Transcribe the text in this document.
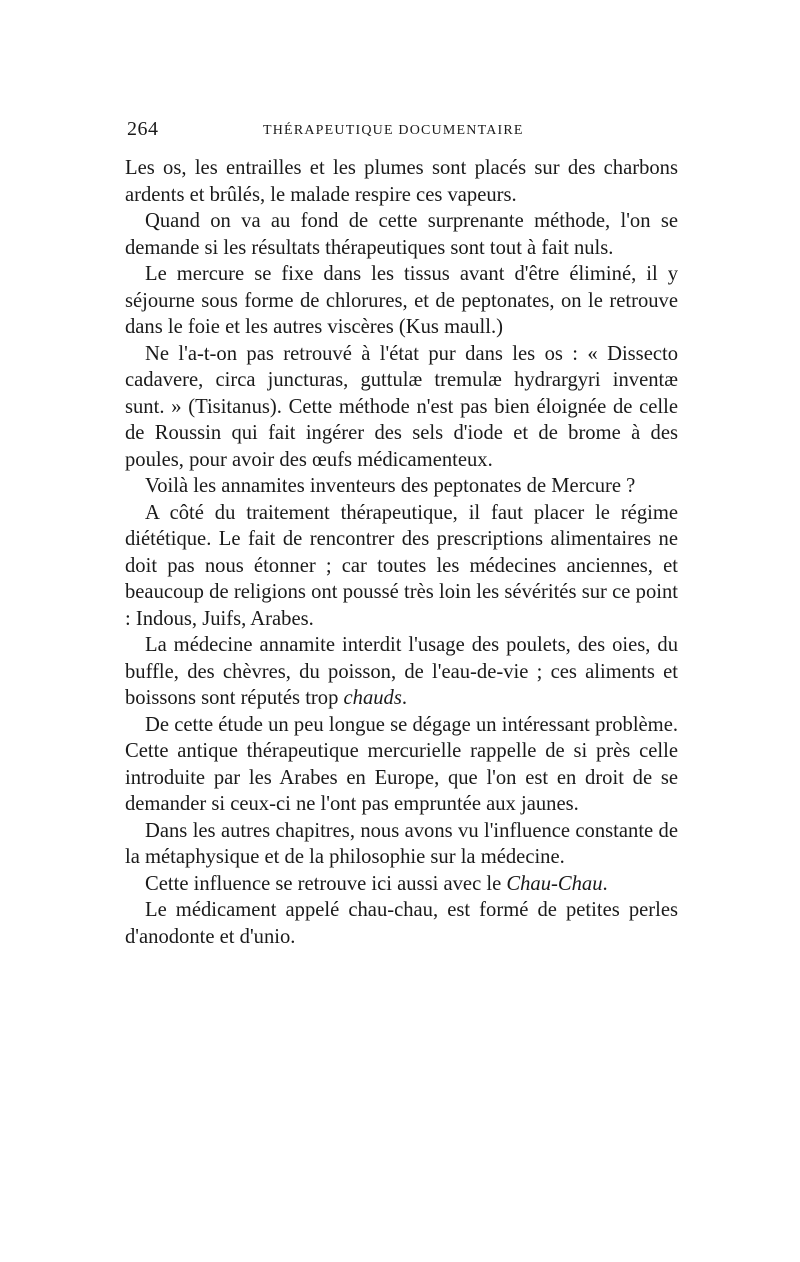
264	THÉRAPEUTIQUE DOCUMENTAIRE

Les os, les entrailles et les plumes sont placés sur des charbons ardents et brûlés, le malade respire ces vapeurs.

Quand on va au fond de cette surprenante méthode, l'on se demande si les résultats thérapeutiques sont tout à fait nuls.

Le mercure se fixe dans les tissus avant d'être éliminé, il y séjourne sous forme de chlorures, et de peptonates, on le retrouve dans le foie et les autres viscères (Kus maull.)

Ne l'a-t-on pas retrouvé à l'état pur dans les os : « Dissecto cadavere, circa juncturas, guttulæ tremulæ hydrargyri inventæ sunt. » (Tisitanus). Cette méthode n'est pas bien éloignée de celle de Roussin qui fait ingérer des sels d'iode et de brome à des poules, pour avoir des œufs médicamenteux.

Voilà les annamites inventeurs des peptonates de Mercure ?

A côté du traitement thérapeutique, il faut placer le régime diététique. Le fait de rencontrer des prescriptions alimentaires ne doit pas nous étonner ; car toutes les médecines anciennes, et beaucoup de religions ont poussé très loin les sévérités sur ce point : Indous, Juifs, Arabes.

La médecine annamite interdit l'usage des poulets, des oies, du buffle, des chèvres, du poisson, de l'eau-de-vie ; ces aliments et boissons sont réputés trop chauds.

De cette étude un peu longue se dégage un intéressant problème. Cette antique thérapeutique mercurielle rappelle de si près celle introduite par les Arabes en Europe, que l'on est en droit de se demander si ceux-ci ne l'ont pas empruntée aux jaunes.

Dans les autres chapitres, nous avons vu l'influence constante de la métaphysique et de la philosophie sur la médecine.

Cette influence se retrouve ici aussi avec le Chau-Chau.

Le médicament appelé chau-chau, est formé de petites perles d'anodonte et d'unio.
